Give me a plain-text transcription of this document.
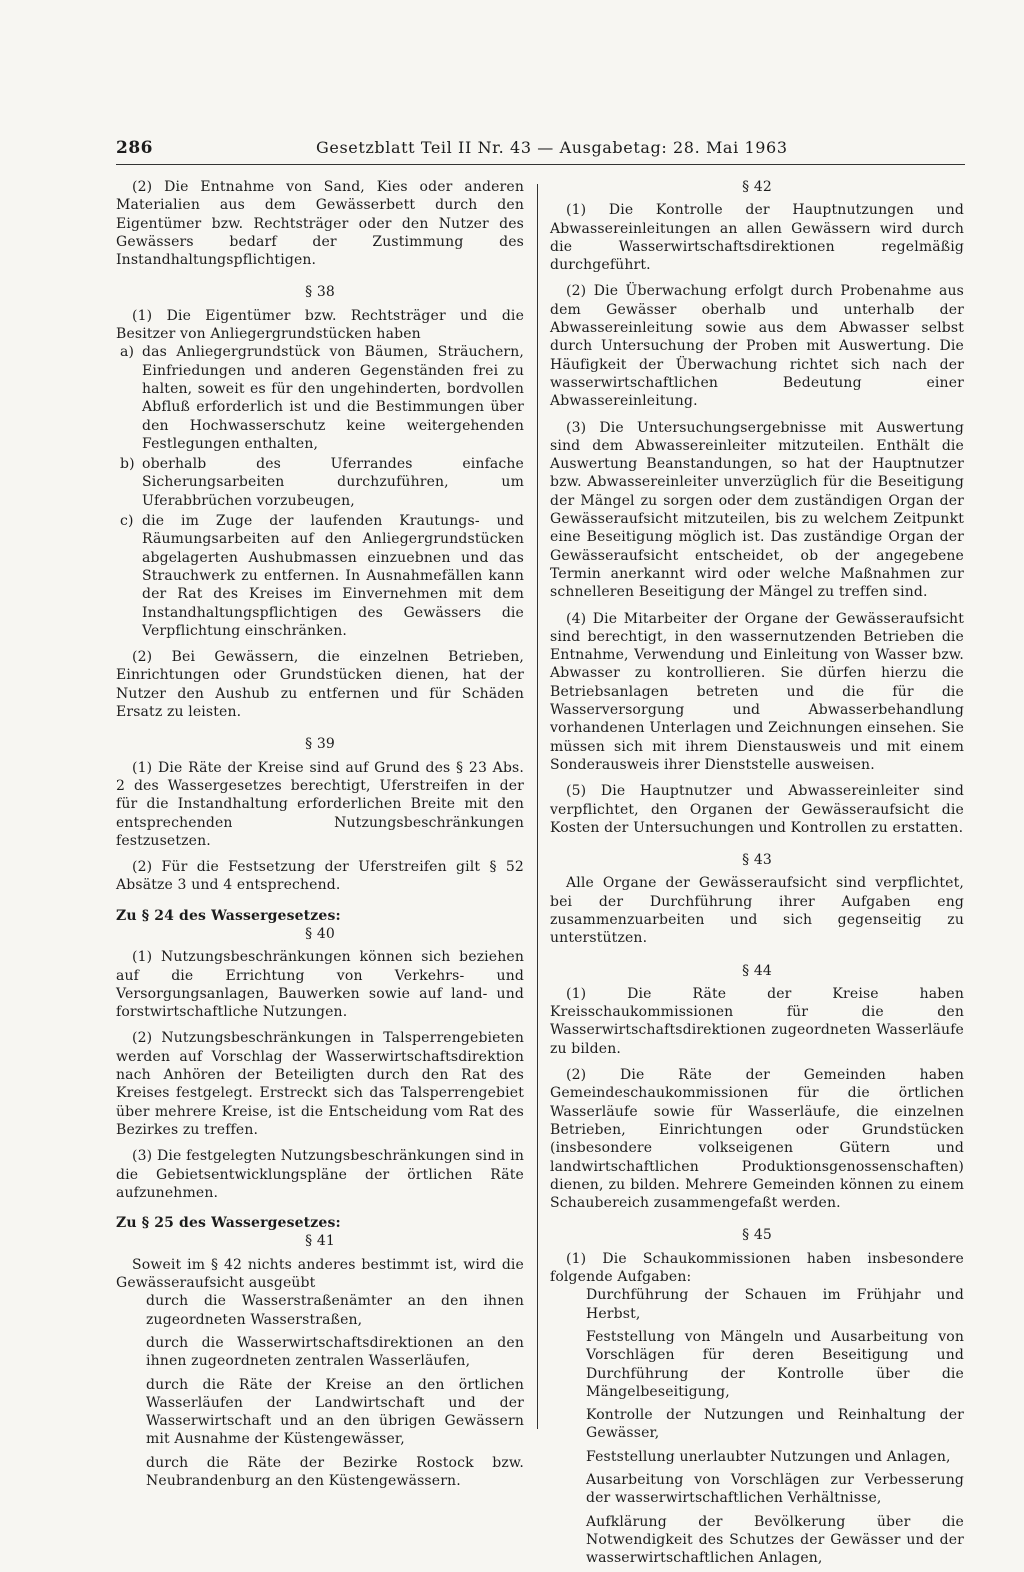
286	Gesetzblatt Teil II Nr. 43 — Ausgabetag: 28. Mai 1963

(2) Die Entnahme von Sand, Kies oder anderen Materialien aus dem Gewässerbett durch den Eigentümer bzw. Rechtsträger oder den Nutzer des Gewässers bedarf der Zustimmung des Instandhaltungspflichtigen.

§ 38

(1) Die Eigentümer bzw. Rechtsträger und die Besitzer von Anliegergrundstücken haben

a) das Anliegergrundstück von Bäumen, Sträuchern, Einfriedungen und anderen Gegenständen frei zu halten, soweit es für den ungehinderten, bordvollen Abfluß erforderlich ist und die Bestimmungen über den Hochwasserschutz keine weitergehenden Festlegungen enthalten,
b) oberhalb des Uferrandes einfache Sicherungsarbeiten durchzuführen, um Uferabbrüchen vorzubeugen,
c) die im Zuge der laufenden Krautungs- und Räumungsarbeiten auf den Anliegergrundstücken abgelagerten Aushubmassen einzuebnen und das Strauchwerk zu entfernen. In Ausnahmefällen kann der Rat des Kreises im Einvernehmen mit dem Instandhaltungspflichtigen des Gewässers die Verpflichtung einschränken.

(2) Bei Gewässern, die einzelnen Betrieben, Einrichtungen oder Grundstücken dienen, hat der Nutzer den Aushub zu entfernen und für Schäden Ersatz zu leisten.

§ 39

(1) Die Räte der Kreise sind auf Grund des § 23 Abs. 2 des Wassergesetzes berechtigt, Uferstreifen in der für die Instandhaltung erforderlichen Breite mit den entsprechenden Nutzungsbeschränkungen festzusetzen.

(2) Für die Festsetzung der Uferstreifen gilt § 52 Absätze 3 und 4 entsprechend.

Zu § 24 des Wassergesetzes:

§ 40

(1) Nutzungsbeschränkungen können sich beziehen auf die Errichtung von Verkehrs- und Versorgungsanlagen, Bauwerken sowie auf land- und forstwirtschaftliche Nutzungen.

(2) Nutzungsbeschränkungen in Talsperrengebieten werden auf Vorschlag der Wasserwirtschaftsdirektion nach Anhören der Beteiligten durch den Rat des Kreises festgelegt. Erstreckt sich das Talsperrengebiet über mehrere Kreise, ist die Entscheidung vom Rat des Bezirkes zu treffen.

(3) Die festgelegten Nutzungsbeschränkungen sind in die Gebietsentwicklungspläne der örtlichen Räte aufzunehmen.

Zu § 25 des Wassergesetzes:

§ 41

Soweit im § 42 nichts anderes bestimmt ist, wird die Gewässeraufsicht ausgeübt

durch die Wasserstraßenämter an den ihnen zugeordneten Wasserstraßen,
durch die Wasserwirtschaftsdirektionen an den ihnen zugeordneten zentralen Wasserläufen,
durch die Räte der Kreise an den örtlichen Wasserläufen der Landwirtschaft und der Wasserwirtschaft und an den übrigen Gewässern mit Ausnahme der Küstengewässer,
durch die Räte der Bezirke Rostock bzw. Neubrandenburg an den Küstengewässern.

§ 42

(1) Die Kontrolle der Hauptnutzungen und Abwassereinleitungen an allen Gewässern wird durch die Wasserwirtschaftsdirektionen regelmäßig durchgeführt.

(2) Die Überwachung erfolgt durch Probenahme aus dem Gewässer oberhalb und unterhalb der Abwassereinleitung sowie aus dem Abwasser selbst durch Untersuchung der Proben mit Auswertung. Die Häufigkeit der Überwachung richtet sich nach der wasserwirtschaftlichen Bedeutung einer Abwassereinleitung.

(3) Die Untersuchungsergebnisse mit Auswertung sind dem Abwassereinleiter mitzuteilen. Enthält die Auswertung Beanstandungen, so hat der Hauptnutzer bzw. Abwassereinleiter unverzüglich für die Beseitigung der Mängel zu sorgen oder dem zuständigen Organ der Gewässeraufsicht mitzuteilen, bis zu welchem Zeitpunkt eine Beseitigung möglich ist. Das zuständige Organ der Gewässeraufsicht entscheidet, ob der angegebene Termin anerkannt wird oder welche Maßnahmen zur schnelleren Beseitigung der Mängel zu treffen sind.

(4) Die Mitarbeiter der Organe der Gewässeraufsicht sind berechtigt, in den wassernutzenden Betrieben die Entnahme, Verwendung und Einleitung von Wasser bzw. Abwasser zu kontrollieren. Sie dürfen hierzu die Betriebsanlagen betreten und die für die Wasserversorgung und Abwasserbehandlung vorhandenen Unterlagen und Zeichnungen einsehen. Sie müssen sich mit ihrem Dienstausweis und mit einem Sonderausweis ihrer Dienststelle ausweisen.

(5) Die Hauptnutzer und Abwassereinleiter sind verpflichtet, den Organen der Gewässeraufsicht die Kosten der Untersuchungen und Kontrollen zu erstatten.

§ 43

Alle Organe der Gewässeraufsicht sind verpflichtet, bei der Durchführung ihrer Aufgaben eng zusammenzuarbeiten und sich gegenseitig zu unterstützen.

§ 44

(1) Die Räte der Kreise haben Kreisschaukommissionen für die den Wasserwirtschaftsdirektionen zugeordneten Wasserläufe zu bilden.

(2) Die Räte der Gemeinden haben Gemeindeschaukommissionen für die örtlichen Wasserläufe sowie für Wasserläufe, die einzelnen Betrieben, Einrichtungen oder Grundstücken (insbesondere volkseigenen Gütern und landwirtschaftlichen Produktionsgenossenschaften) dienen, zu bilden. Mehrere Gemeinden können zu einem Schaubereich zusammengefaßt werden.

§ 45

(1) Die Schaukommissionen haben insbesondere folgende Aufgaben:

Durchführung der Schauen im Frühjahr und Herbst,
Feststellung von Mängeln und Ausarbeitung von Vorschlägen für deren Beseitigung und Durchführung der Kontrolle über die Mängelbeseitigung,
Kontrolle der Nutzungen und Reinhaltung der Gewässer,
Feststellung unerlaubter Nutzungen und Anlagen,
Ausarbeitung von Vorschlägen zur Verbesserung der wasserwirtschaftlichen Verhältnisse,
Aufklärung der Bevölkerung über die Notwendigkeit des Schutzes der Gewässer und der wasserwirtschaftlichen Anlagen,
